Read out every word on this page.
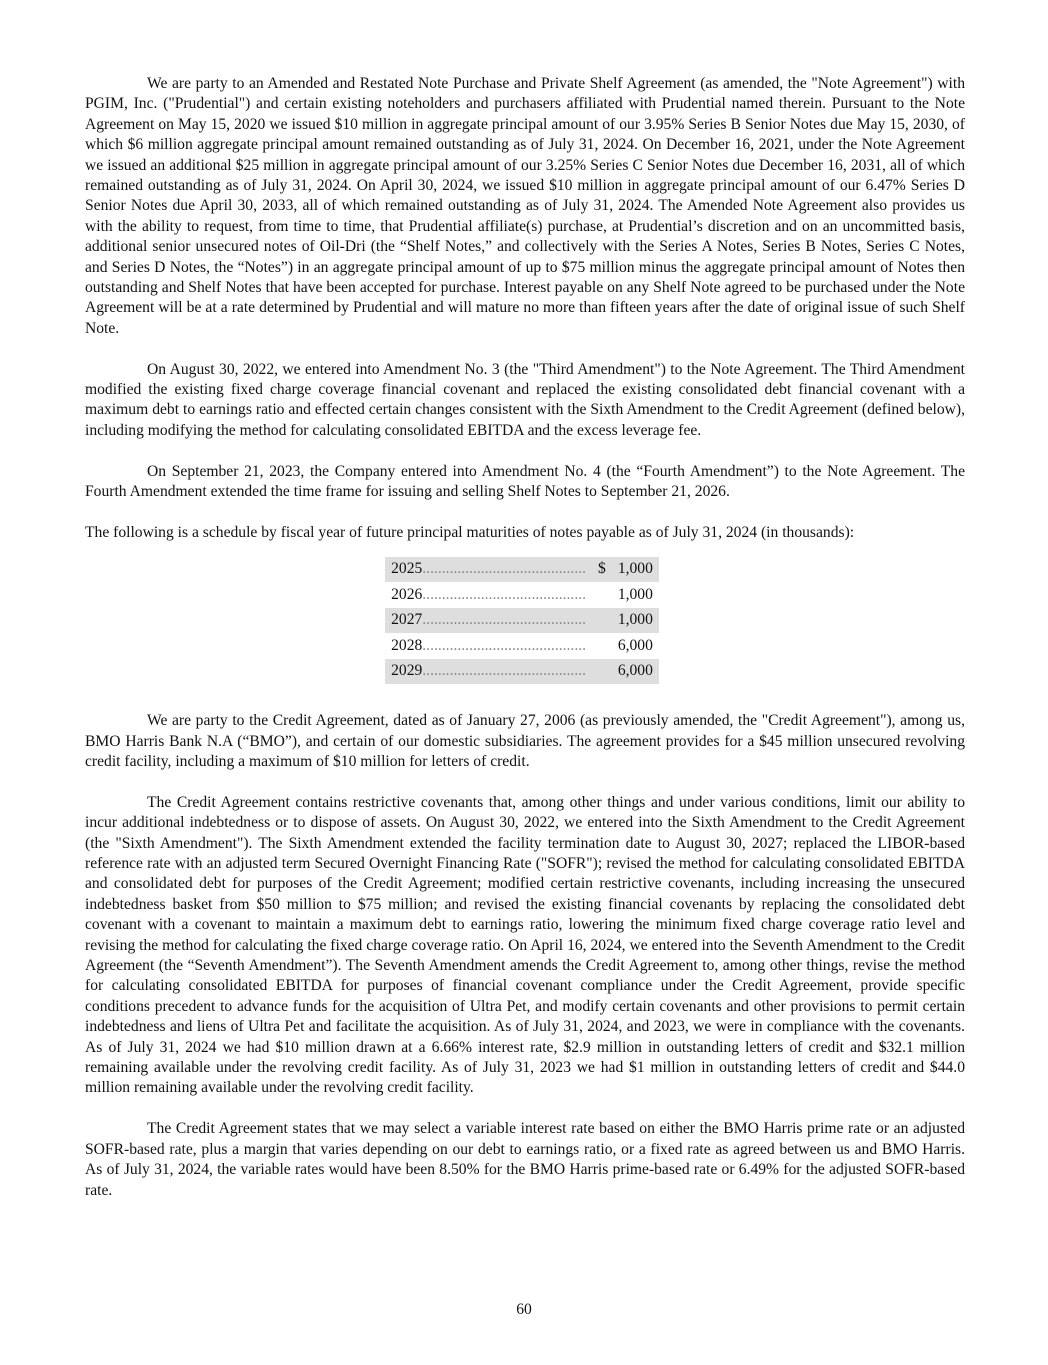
We are party to an Amended and Restated Note Purchase and Private Shelf Agreement (as amended, the "Note Agreement") with PGIM, Inc. ("Prudential") and certain existing noteholders and purchasers affiliated with Prudential named therein. Pursuant to the Note Agreement on May 15, 2020 we issued $10 million in aggregate principal amount of our 3.95% Series B Senior Notes due May 15, 2030, of which $6 million aggregate principal amount remained outstanding as of July 31, 2024. On December 16, 2021, under the Note Agreement we issued an additional $25 million in aggregate principal amount of our 3.25% Series C Senior Notes due December 16, 2031, all of which remained outstanding as of July 31, 2024. On April 30, 2024, we issued $10 million in aggregate principal amount of our 6.47% Series D Senior Notes due April 30, 2033, all of which remained outstanding as of July 31, 2024. The Amended Note Agreement also provides us with the ability to request, from time to time, that Prudential affiliate(s) purchase, at Prudential’s discretion and on an uncommitted basis, additional senior unsecured notes of Oil-Dri (the “Shelf Notes,” and collectively with the Series A Notes, Series B Notes, Series C Notes, and Series D Notes, the “Notes”) in an aggregate principal amount of up to $75 million minus the aggregate principal amount of Notes then outstanding and Shelf Notes that have been accepted for purchase. Interest payable on any Shelf Note agreed to be purchased under the Note Agreement will be at a rate determined by Prudential and will mature no more than fifteen years after the date of original issue of such Shelf Note.

On August 30, 2022, we entered into Amendment No. 3 (the "Third Amendment") to the Note Agreement. The Third Amendment modified the existing fixed charge coverage financial covenant and replaced the existing consolidated debt financial covenant with a maximum debt to earnings ratio and effected certain changes consistent with the Sixth Amendment to the Credit Agreement (defined below), including modifying the method for calculating consolidated EBITDA and the excess leverage fee.

On September 21, 2023, the Company entered into Amendment No. 4 (the “Fourth Amendment”) to the Note Agreement. The Fourth Amendment extended the time frame for issuing and selling Shelf Notes to September 21, 2026.

The following is a schedule by fiscal year of future principal maturities of notes payable as of July 31, 2024 (in thousands):

2025..........................................	$	1,000
2026..........................................		1,000
2027..........................................		1,000
2028..........................................		6,000
2029..........................................		6,000

We are party to the Credit Agreement, dated as of January 27, 2006 (as previously amended, the "Credit Agreement"), among us, BMO Harris Bank N.A (“BMO”), and certain of our domestic subsidiaries. The agreement provides for a $45 million unsecured revolving credit facility, including a maximum of $10 million for letters of credit.

The Credit Agreement contains restrictive covenants that, among other things and under various conditions, limit our ability to incur additional indebtedness or to dispose of assets. On August 30, 2022, we entered into the Sixth Amendment to the Credit Agreement (the "Sixth Amendment"). The Sixth Amendment extended the facility termination date to August 30, 2027; replaced the LIBOR-based reference rate with an adjusted term Secured Overnight Financing Rate ("SOFR"); revised the method for calculating consolidated EBITDA and consolidated debt for purposes of the Credit Agreement; modified certain restrictive covenants, including increasing the unsecured indebtedness basket from $50 million to $75 million; and revised the existing financial covenants by replacing the consolidated debt covenant with a covenant to maintain a maximum debt to earnings ratio, lowering the minimum fixed charge coverage ratio level and revising the method for calculating the fixed charge coverage ratio. On April 16, 2024, we entered into the Seventh Amendment to the Credit Agreement (the “Seventh Amendment”). The Seventh Amendment amends the Credit Agreement to, among other things, revise the method for calculating consolidated EBITDA for purposes of financial covenant compliance under the Credit Agreement, provide specific conditions precedent to advance funds for the acquisition of Ultra Pet, and modify certain covenants and other provisions to permit certain indebtedness and liens of Ultra Pet and facilitate the acquisition. As of July 31, 2024, and 2023, we were in compliance with the covenants. As of July 31, 2024 we had $10 million drawn at a 6.66% interest rate, $2.9 million in outstanding letters of credit and $32.1 million remaining available under the revolving credit facility. As of July 31, 2023 we had $1 million in outstanding letters of credit and $44.0 million remaining available under the revolving credit facility.

The Credit Agreement states that we may select a variable interest rate based on either the BMO Harris prime rate or an adjusted SOFR-based rate, plus a margin that varies depending on our debt to earnings ratio, or a fixed rate as agreed between us and BMO Harris. As of July 31, 2024, the variable rates would have been 8.50% for the BMO Harris prime-based rate or 6.49% for the adjusted SOFR-based rate.

60
